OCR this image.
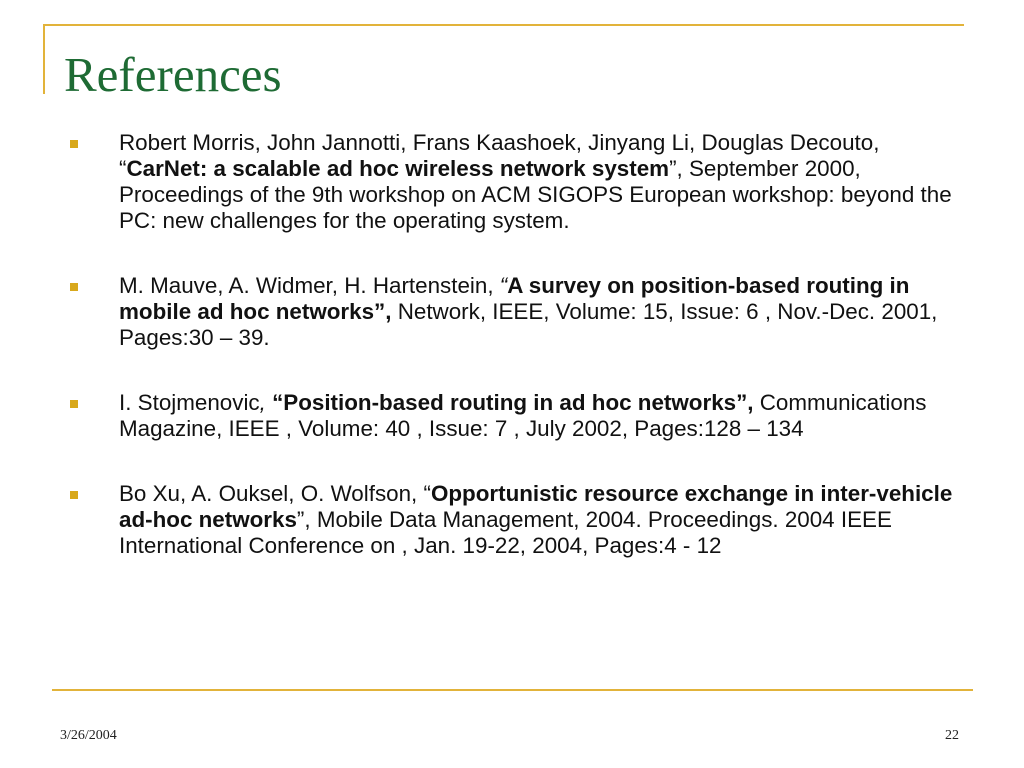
References
Robert Morris, John Jannotti, Frans Kaashoek, Jinyang Li, Douglas Decouto, “CarNet: a scalable ad hoc wireless network system”, September 2000, Proceedings of the 9th workshop on ACM SIGOPS European workshop: beyond the PC: new challenges for the operating system.
M. Mauve, A. Widmer, H. Hartenstein, “A survey on position-based routing in mobile ad hoc networks”, Network, IEEE, Volume: 15, Issue: 6 , Nov.-Dec. 2001, Pages:30 – 39.
I. Stojmenovic, “Position-based routing in ad hoc networks”, Communications Magazine, IEEE , Volume: 40 , Issue: 7 , July 2002, Pages:128 – 134
Bo Xu, A. Ouksel, O. Wolfson, “Opportunistic resource exchange in inter-vehicle ad-hoc networks”, Mobile Data Management, 2004. Proceedings. 2004 IEEE International Conference on , Jan. 19-22, 2004, Pages:4 - 12
3/26/2004	22
